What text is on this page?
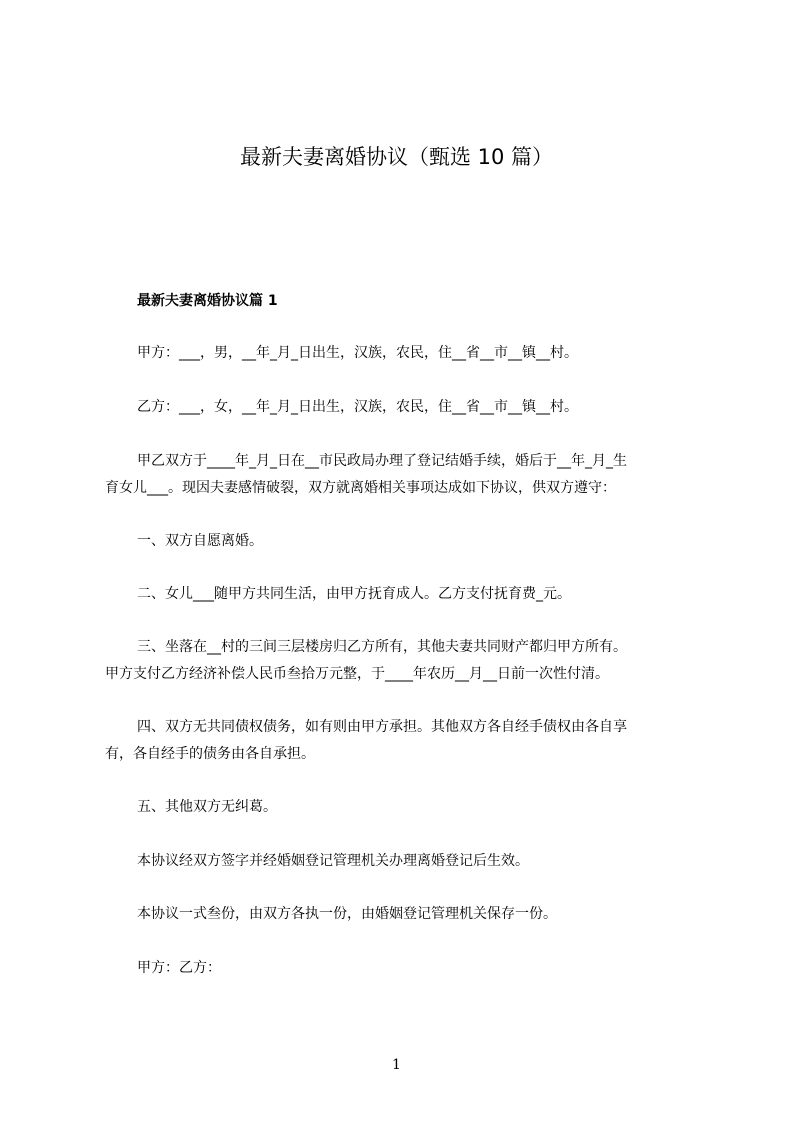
最新夫妻离婚协议（甄选 10 篇）
最新夫妻离婚协议篇 1

甲方：___，男，__年_月_日出生，汉族，农民，住__省__市__镇__村。

乙方：___，女，__年_月_日出生，汉族，农民，住__省__市__镇__村。

甲乙双方于____年_月_日在__市民政局办理了登记结婚手续，婚后于__年_月_生
育女儿___。现因夫妻感情破裂，双方就离婚相关事项达成如下协议，供双方遵守：

一、双方自愿离婚。

二、女儿___随甲方共同生活，由甲方抚育成人。乙方支付抚育费_元。

三、坐落在__村的三间三层楼房归乙方所有，其他夫妻共同财产都归甲方所有。
甲方支付乙方经济补偿人民币叁拾万元整，于____年农历__月__日前一次性付清。

四、双方无共同债权债务，如有则由甲方承担。其他双方各自经手债权由各自享
有，各自经手的债务由各自承担。

五、其他双方无纠葛。

本协议经双方签字并经婚姻登记管理机关办理离婚登记后生效。

本协议一式叁份，由双方各执一份，由婚姻登记管理机关保存一份。

甲方：乙方：

1
